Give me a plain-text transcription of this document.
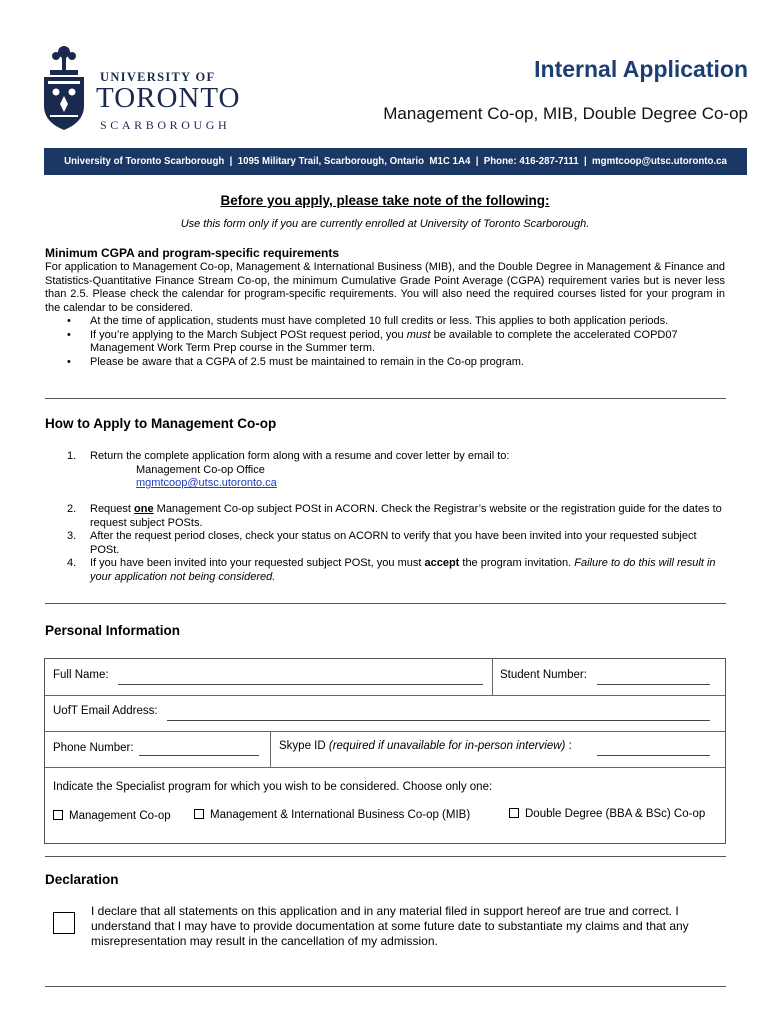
UNIVERSITY OF
TORONTO
SCARBOROUGH
Internal Application
Management Co-op, MIB, Double Degree Co-op
University of Toronto Scarborough  |  1095 Military Trail, Scarborough, Ontario  M1C 1A4  |  Phone: 416-287-7111  |  mgmtcoop@utsc.utoronto.ca
Before you apply, please take note of the following:
Use this form only if you are currently enrolled at University of Toronto Scarborough.
Minimum CGPA and program-specific requirements
For application to Management Co-op, Management & International Business (MIB), and the Double Degree in Management & Finance and Statistics-Quantitative Finance Stream Co-op, the minimum Cumulative Grade Point Average (CGPA) requirement varies but is never less than 2.5. Please check the calendar for program-specific requirements. You will also need the required courses listed for your program in the calendar to be considered.
• At the time of application, students must have completed 10 full credits or less. This applies to both application periods.
• If you’re applying to the March Subject POSt request period, you must be available to complete the accelerated COPD07 Management Work Term Prep course in the Summer term.
• Please be aware that a CGPA of 2.5 must be maintained to remain in the Co-op program.
How to Apply to Management Co-op
1. Return the complete application form along with a resume and cover letter by email to:
Management Co-op Office
mgmtcoop@utsc.utoronto.ca
2. Request one Management Co-op subject POSt in ACORN. Check the Registrar’s website or the registration guide for the dates to request subject POSts.
3. After the request period closes, check your status on ACORN to verify that you have been invited into your requested subject POSt.
4. If you have been invited into your requested subject POSt, you must accept the program invitation. Failure to do this will result in your application not being considered.
Personal Information
Full Name:	Student Number:
UofT Email Address:
Phone Number:	Skype ID (required if unavailable for in-person interview) :
Indicate the Specialist program for which you wish to be considered. Choose only one:
Management Co-op	Management & International Business Co-op (MIB)	Double Degree (BBA & BSc) Co-op
Declaration
I declare that all statements on this application and in any material filed in support hereof are true and correct. I understand that I may have to provide documentation at some future date to substantiate my claims and that any misrepresentation may result in the cancellation of my admission.
